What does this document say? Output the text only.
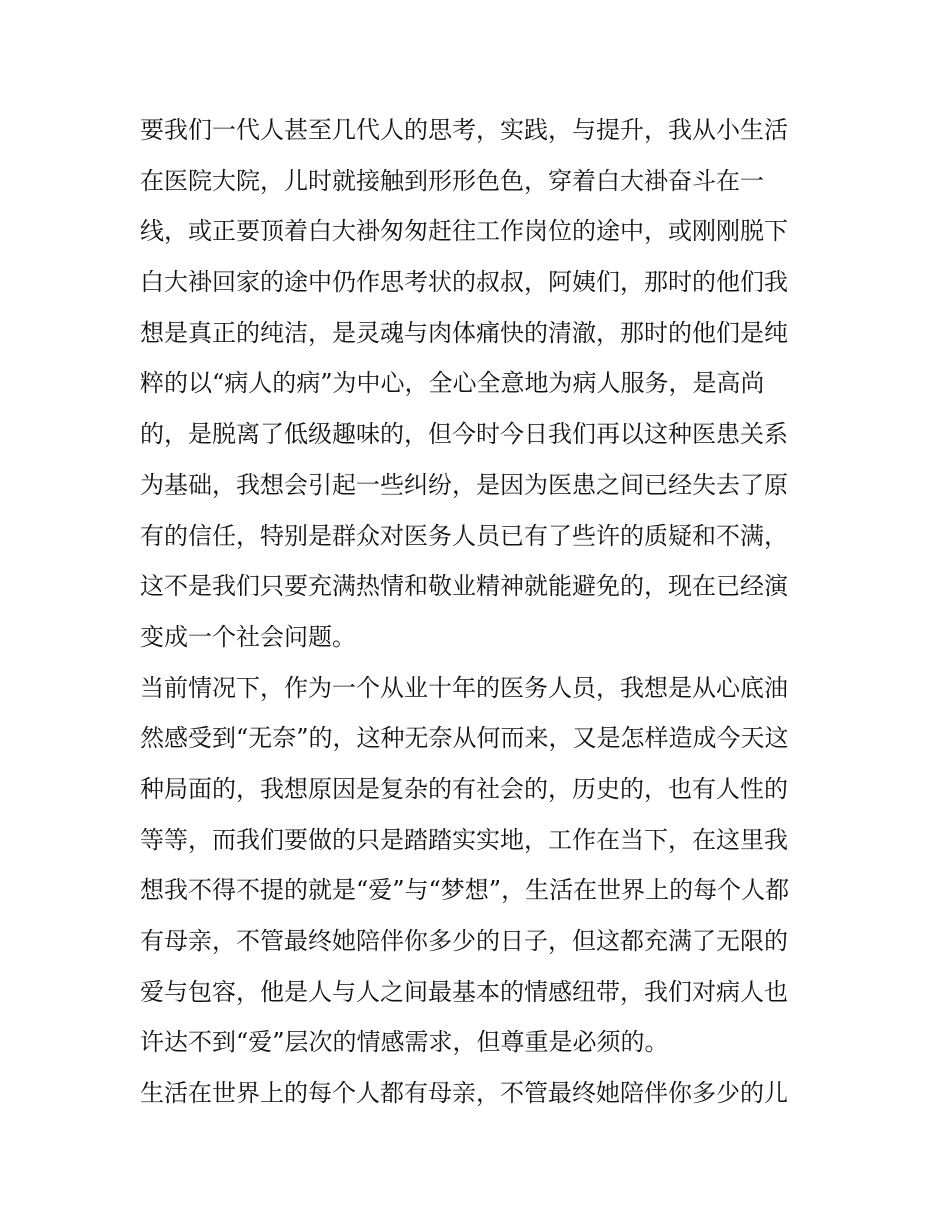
要我们一代人甚至几代人的思考，实践，与提升，我从小生活
在医院大院，儿时就接触到形形色色，穿着白大褂奋斗在一
线，或正要顶着白大褂匆匆赶往工作岗位的途中，或刚刚脱下
白大褂回家的途中仍作思考状的叔叔，阿姨们，那时的他们我
想是真正的纯洁，是灵魂与肉体痛快的清澈，那时的他们是纯
粹的以“病人的病”为中心，全心全意地为病人服务，是高尚
的，是脱离了低级趣味的，但今时今日我们再以这种医患关系
为基础，我想会引起一些纠纷，是因为医患之间已经失去了原
有的信任，特别是群众对医务人员已有了些许的质疑和不满，
这不是我们只要充满热情和敬业精神就能避免的，现在已经演
变成一个社会问题。
当前情况下，作为一个从业十年的医务人员，我想是从心底油
然感受到“无奈”的，这种无奈从何而来，又是怎样造成今天这
种局面的，我想原因是复杂的有社会的，历史的，也有人性的
等等，而我们要做的只是踏踏实实地，工作在当下，在这里我
想我不得不提的就是“爱”与“梦想”，生活在世界上的每个人都
有母亲，不管最终她陪伴你多少的日子，但这都充满了无限的
爱与包容，他是人与人之间最基本的情感纽带，我们对病人也
许达不到“爱”层次的情感需求，但尊重是必须的。
生活在世界上的每个人都有母亲，不管最终她陪伴你多少的儿
